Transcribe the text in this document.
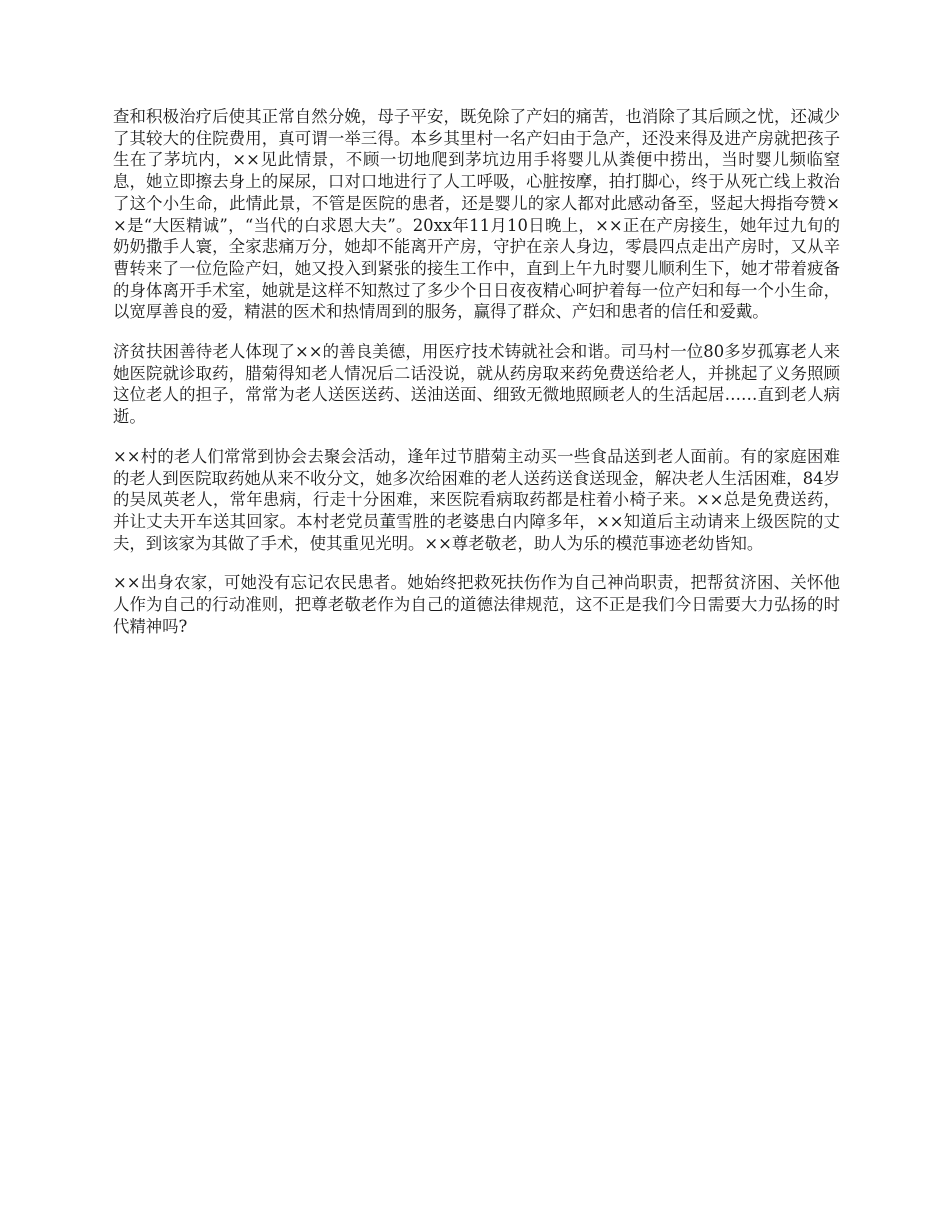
查和积极治疗后使其正常自然分娩，母子平安，既免除了产妇的痛苦，也消除了其后顾之忧，还减少了其较大的住院费用，真可谓一举三得。本乡其里村一名产妇由于急产，还没来得及进产房就把孩子生在了茅坑内，××见此情景，不顾一切地爬到茅坑边用手将婴儿从粪便中捞出，当时婴儿频临窒息，她立即擦去身上的屎尿，口对口地进行了人工呼吸，心脏按摩，拍打脚心，终于从死亡线上救治了这个小生命，此情此景，不管是医院的患者，还是婴儿的家人都对此感动备至，竖起大拇指夸赞××是“大医精诚”，“当代的白求恩大夫”。20xx年11月10日晚上，××正在产房接生，她年过九旬的奶奶撒手人寰，全家悲痛万分，她却不能离开产房，守护在亲人身边，零晨四点走出产房时，又从辛曹转来了一位危险产妇，她又投入到紧张的接生工作中，直到上午九时婴儿顺利生下，她才带着疲备的身体离开手术室，她就是这样不知熬过了多少个日日夜夜精心呵护着每一位产妇和每一个小生命，以宽厚善良的爱，精湛的医术和热情周到的服务，赢得了群众、产妇和患者的信任和爱戴。

济贫扶困善待老人体现了××的善良美德，用医疗技术铸就社会和谐。司马村一位80多岁孤寡老人来她医院就诊取药，腊菊得知老人情况后二话没说，就从药房取来药免费送给老人，并挑起了义务照顾这位老人的担子，常常为老人送医送药、送油送面、细致无微地照顾老人的生活起居……直到老人病逝。

××村的老人们常常到协会去聚会活动，逢年过节腊菊主动买一些食品送到老人面前。有的家庭困难的老人到医院取药她从来不收分文，她多次给困难的老人送药送食送现金，解决老人生活困难，84岁的吴凤英老人，常年患病，行走十分困难，来医院看病取药都是柱着小椅子来。××总是免费送药，并让丈夫开车送其回家。本村老党员董雪胜的老婆患白内障多年，××知道后主动请来上级医院的丈夫，到该家为其做了手术，使其重见光明。××尊老敬老，助人为乐的模范事迹老幼皆知。

××出身农家，可她没有忘记农民患者。她始终把救死扶伤作为自己神尚职责，把帮贫济困、关怀他人作为自己的行动准则，把尊老敬老作为自己的道德法律规范，这不正是我们今日需要大力弘扬的时代精神吗?
